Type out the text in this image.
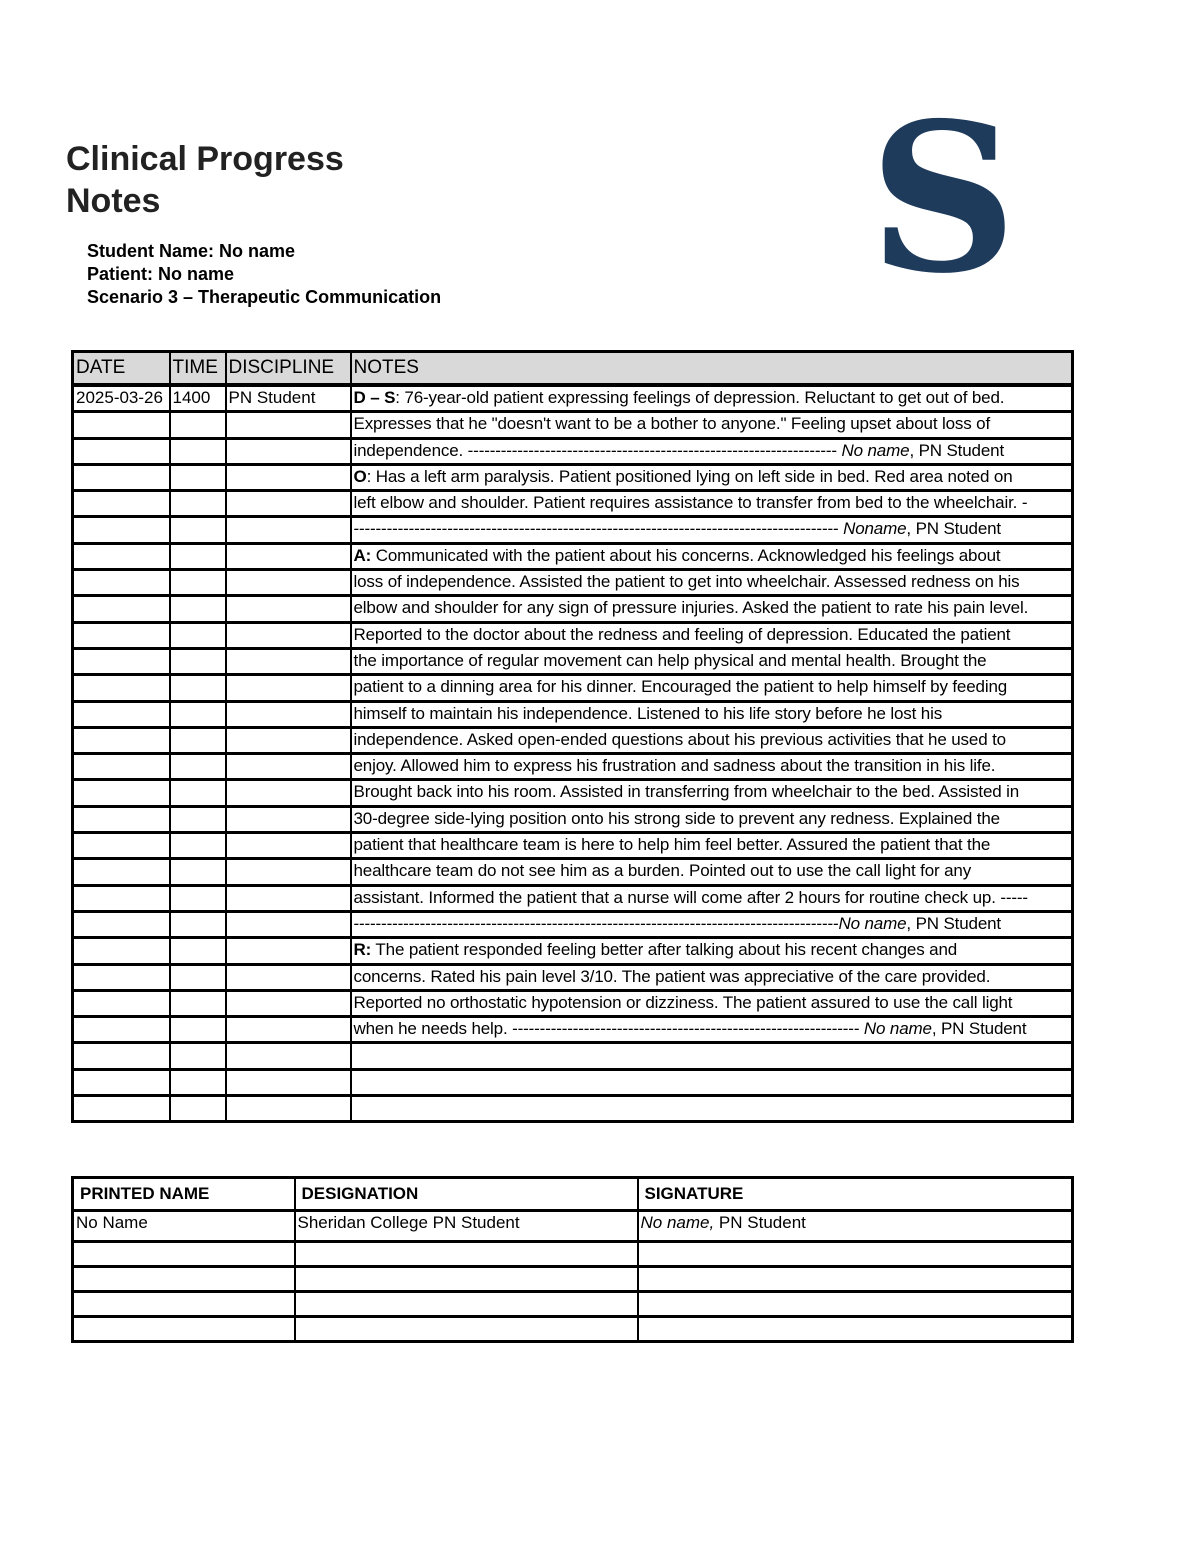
Clinical Progress
Notes
Student Name: No name
Patient: No name
Scenario 3 – Therapeutic Communication S
DATE	TIME	DISCIPLINE	NOTES
2025-03-26	1400	PN Student	D – S: 76-year-old patient expressing feelings of depression. Reluctant to get out of bed.
			Expresses that he "doesn't want to be a bother to anyone." Feeling upset about loss of
			independence. ------------------------------------------------------------------- No name, PN Student
			O: Has a left arm paralysis. Patient positioned lying on left side in bed. Red area noted on
			left elbow and shoulder. Patient requires assistance to transfer from bed to the wheelchair. -
			---------------------------------------------------------------------------------------- Noname, PN Student
			A: Communicated with the patient about his concerns. Acknowledged his feelings about
			loss of independence. Assisted the patient to get into wheelchair. Assessed redness on his
			elbow and shoulder for any sign of pressure injuries. Asked the patient to rate his pain level.
			Reported to the doctor about the redness and feeling of depression. Educated the patient
			the importance of regular movement can help physical and mental health. Brought the
			patient to a dinning area for his dinner. Encouraged the patient to help himself by feeding
			himself to maintain his independence. Listened to his life story before he lost his
			independence. Asked open-ended questions about his previous activities that he used to
			enjoy. Allowed him to express his frustration and sadness about the transition in his life.
			Brought back into his room. Assisted in transferring from wheelchair to the bed. Assisted in
			30-degree side-lying position onto his strong side to prevent any redness. Explained the
			patient that healthcare team is here to help him feel better. Assured the patient that the
			healthcare team do not see him as a burden. Pointed out to use the call light for any
			assistant. Informed the patient that a nurse will come after 2 hours for routine check up. -----
			----------------------------------------------------------------------------------------No name, PN Student
			R: The patient responded feeling better after talking about his recent changes and
			concerns. Rated his pain level 3/10. The patient was appreciative of the care provided.
			Reported no orthostatic hypotension or dizziness. The patient assured to use the call light
			when he needs help. --------------------------------------------------------------- No name, PN Student

PRINTED NAME	DESIGNATION	SIGNATURE
No Name	Sheridan College PN Student	No name, PN Student
